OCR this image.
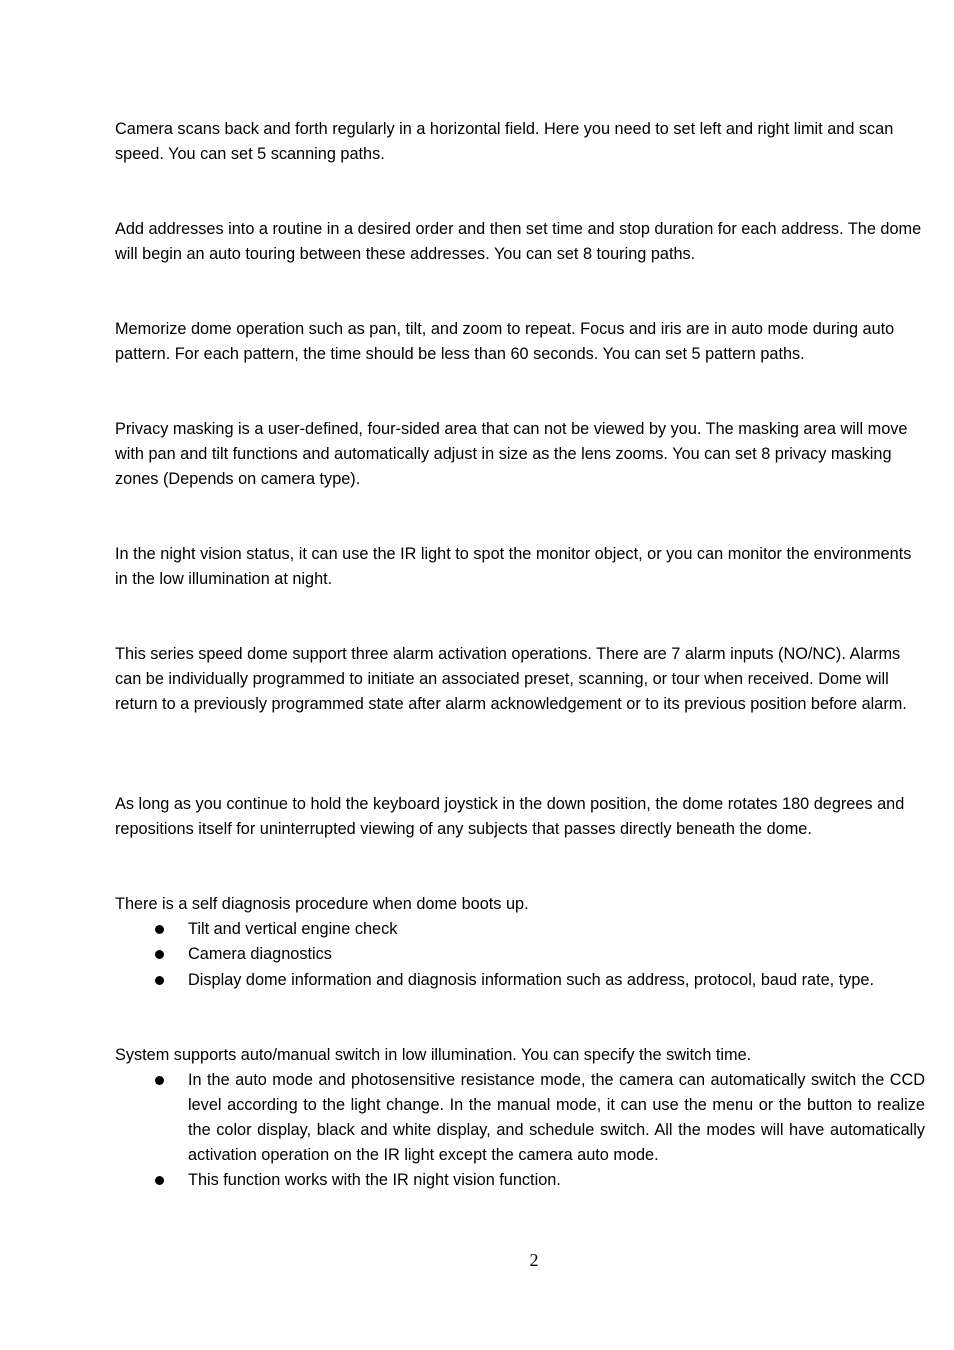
Camera scans back and forth regularly in a horizontal field. Here you need to set left and right limit and scan speed. You can set 5 scanning paths.

Add addresses into a routine in a desired order and then set time and stop duration for each address. The dome will begin an auto touring between these addresses. You can set 8 touring paths.

Memorize dome operation such as pan, tilt, and zoom to repeat. Focus and iris are in auto mode during auto pattern. For each pattern, the time should be less than 60 seconds. You can set 5 pattern paths.

Privacy masking is a user-defined, four-sided area that can not be viewed by you. The masking area will move with pan and tilt functions and automatically adjust in size as the lens zooms. You can set 8 privacy masking zones (Depends on camera type).

In the night vision status, it can use the IR light to spot the monitor object, or you can monitor the environments in the low illumination at night.

This series speed dome support three alarm activation operations. There are 7 alarm inputs (NO/NC). Alarms can be individually programmed to initiate an associated preset, scanning, or tour when received. Dome will return to a previously programmed state after alarm acknowledgement or to its previous position before alarm.

As long as you continue to hold the keyboard joystick in the down position, the dome rotates 180 degrees and repositions itself for uninterrupted viewing of any subjects that passes directly beneath the dome.

There is a self diagnosis procedure when dome boots up.

Tilt and vertical engine check
Camera diagnostics
Display dome information and diagnosis information such as address, protocol, baud rate, type.

System supports auto/manual switch in low illumination. You can specify the switch time.

In the auto mode and photosensitive resistance mode, the camera can automatically switch the CCD level according to the light change. In the manual mode, it can use the menu or the button to realize the color display, black and white display, and schedule switch. All the modes will have automatically activation operation on the IR light except the camera auto mode.
This function works with the IR night vision function.
2
